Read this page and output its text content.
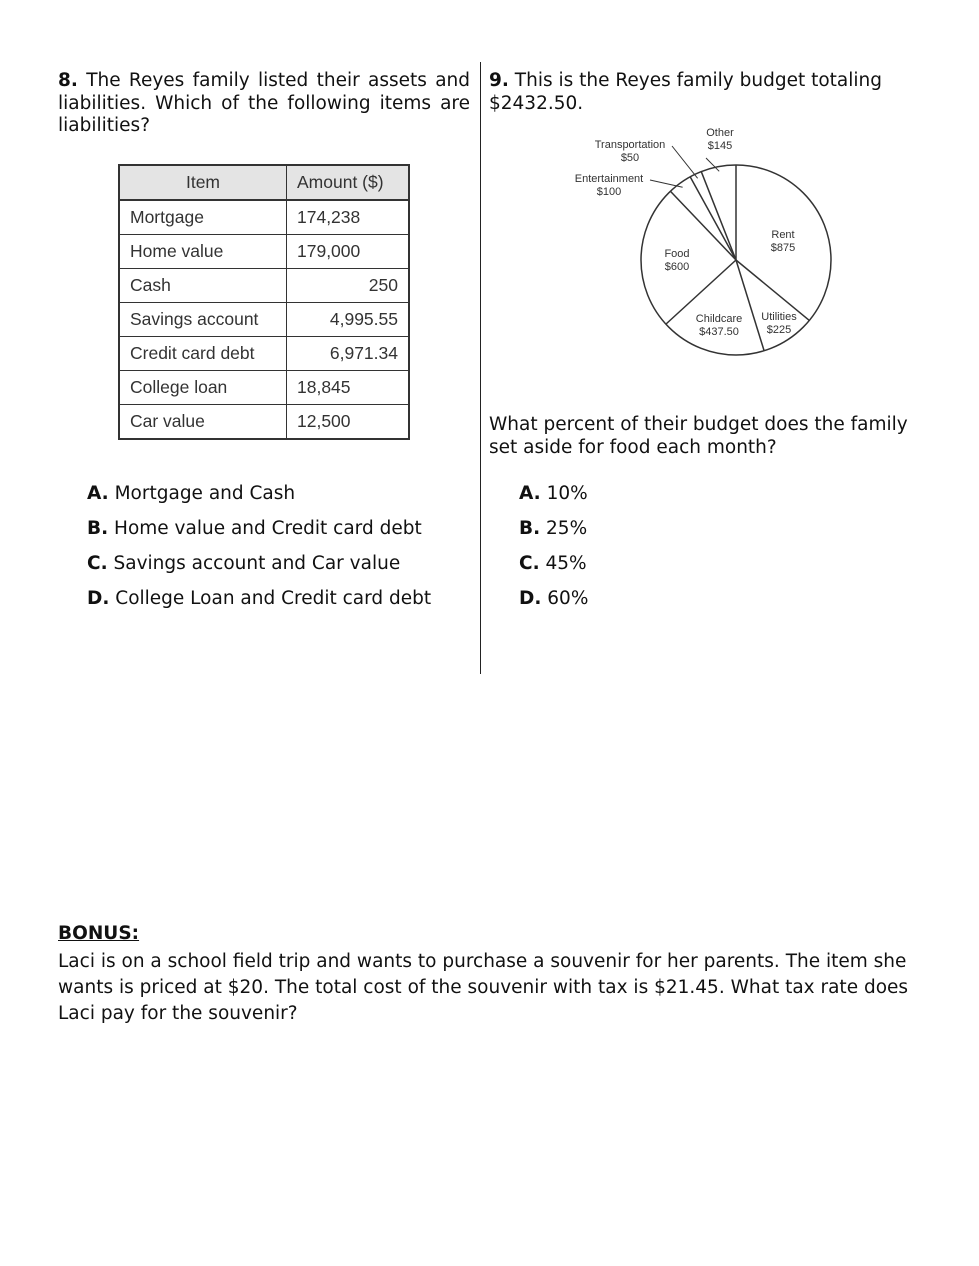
8. The Reyes family listed their assets and liabilities. Which of the following items are liabilities?
Item	Amount ($)
Mortgage	174,238
Home value	179,000
Cash	250
Savings account	4,995.55
Credit card debt	6,971.34
College loan	18,845
Car value	12,500
A. Mortgage and Cash
B. Home value and Credit card debt
C. Savings account and Car value
D. College Loan and Credit card debt
9. This is the Reyes family budget totaling $2432.50.
Rent
$875
Utilities
$225
Childcare
$437.50
Food
$600
Entertainment
$100
Transportation
$50
Other
$145
What percent of their budget does the family set aside for food each month?
A. 10%
B. 25%
C. 45%
D. 60%
BONUS:
Laci is on a school field trip and wants to purchase a souvenir for her parents. The item she wants is priced at $20. The total cost of the souvenir with tax is $21.45. What tax rate does Laci pay for the souvenir?
